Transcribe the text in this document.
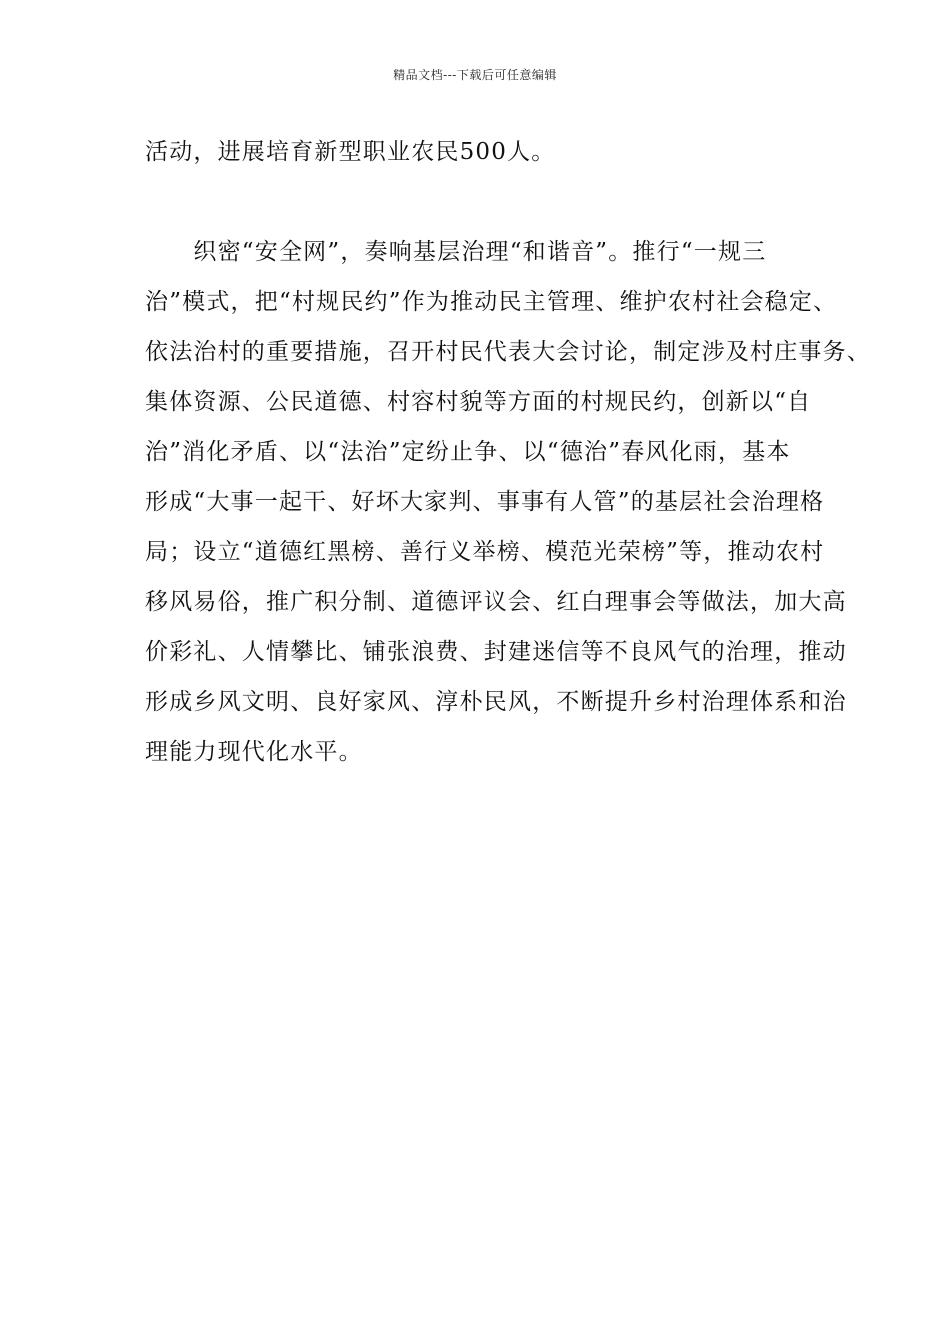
精品文档---下载后可任意编辑
活动，进展培育新型职业农民500人。
　　织密“安全网”，奏响基层治理“和谐音”。推行“一规三
治”模式，把“村规民约”作为推动民主管理、维护农村社会稳定、
依法治村的重要措施，召开村民代表大会讨论，制定涉及村庄事务、
集体资源、公民道德、村容村貌等方面的村规民约，创新以“自
治”消化矛盾、以“法治”定纷止争、以“德治”春风化雨，基本
形成“大事一起干、好坏大家判、事事有人管”的基层社会治理格
局；设立“道德红黑榜、善行义举榜、模范光荣榜”等，推动农村
移风易俗，推广积分制、道德评议会、红白理事会等做法，加大高
价彩礼、人情攀比、铺张浪费、封建迷信等不良风气的治理，推动
形成乡风文明、良好家风、淳朴民风，不断提升乡村治理体系和治
理能力现代化水平。
